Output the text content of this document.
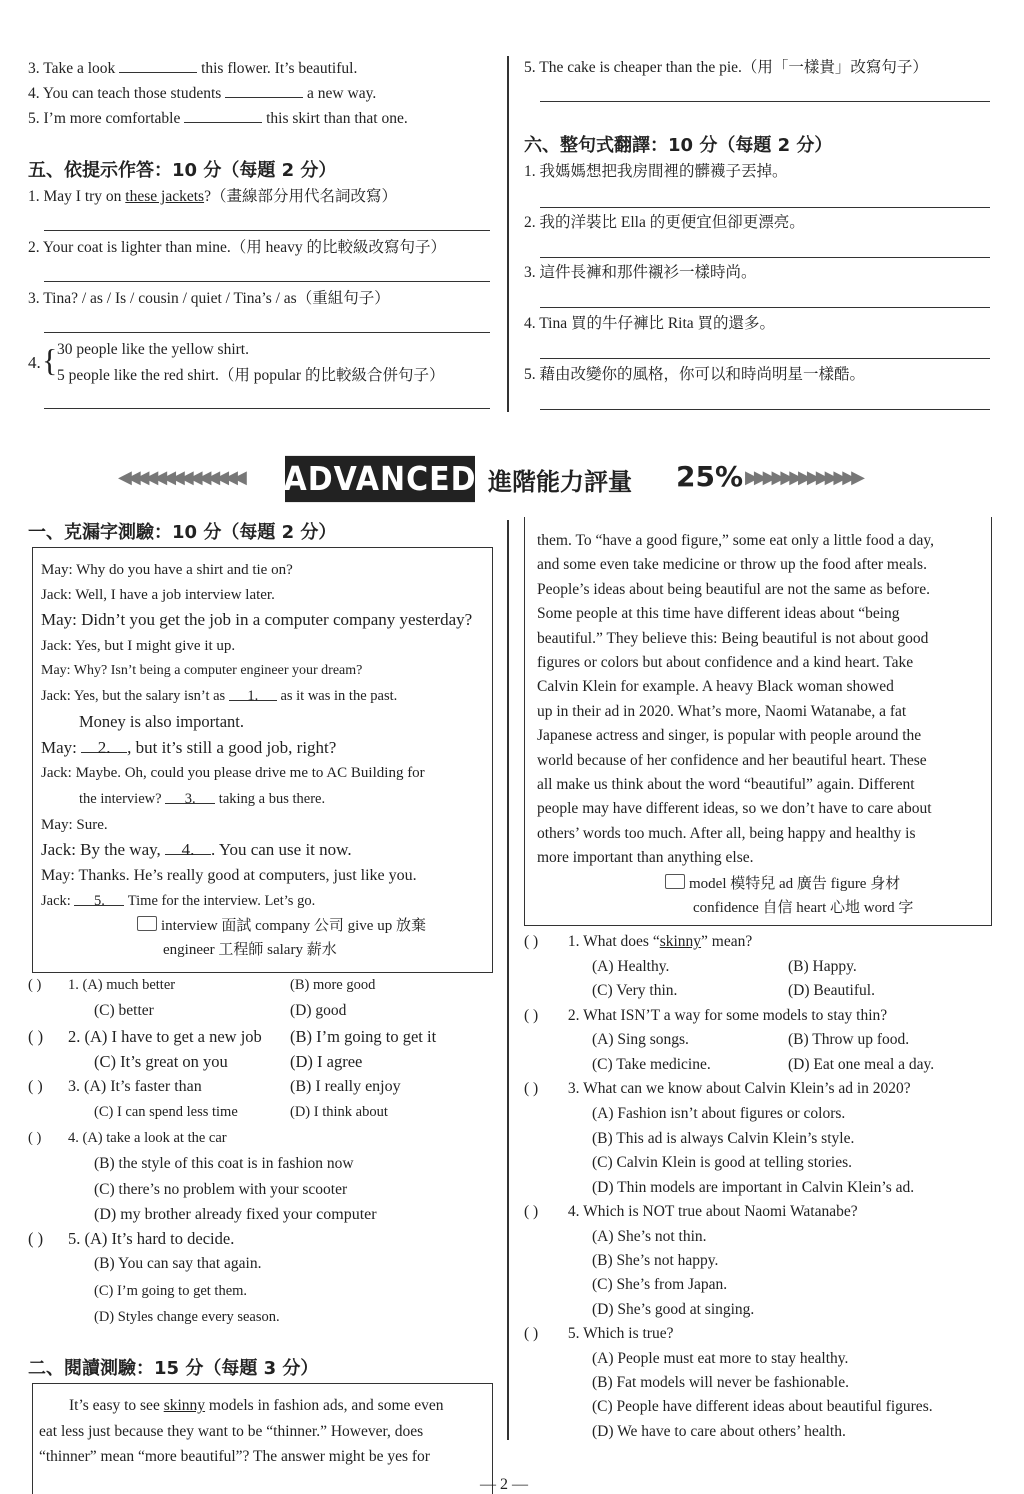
3. Take a look	this flower. It’s beautiful.
4. You can teach those students	a new way.
5. I’m more comfortable	this skirt than that one.
五、依提示作答：10 分（每題 2 分）
1. May I try on these jackets?（畫線部分用代名詞改寫）
2. Your coat is lighter than mine.（用 heavy 的比較級改寫句子）
3. Tina? / as / Is / cousin / quiet / Tina’s / as（重組句子）
4. { 30 people like the yellow shirt.
5 people like the red shirt.（用 popular 的比較級合併句子）
5. The cake is cheaper than the pie.（用「一樣貴」改寫句子）
六、整句式翻譯：10 分（每題 2 分）
1. 我媽媽想把我房間裡的髒襪子丟掉。
2. 我的洋裝比 Ella 的更便宜但卻更漂亮。
3. 這件長褲和那件襯衫一樣時尚。
4. Tina 買的牛仔褲比 Rita 買的還多。
5. 藉由改變你的風格，你可以和時尚明星一樣酷。
◀◀◀◀◀◀◀◀◀◀◀◀◀◀	▶▶▶▶▶▶▶▶▶▶▶▶▶
ADVANCED 進階能力評量 25%
一、克漏字測驗：10 分（每題 2 分）
May: Why do you have a shirt and tie on?
Jack: Well, I have a job interview later.
May: Didn’t you get the job in a computer company yesterday?
Jack: Yes, but I might give it up.
May: Why? Isn’t being a computer engineer your dream?
Jack: Yes, but the salary isn’t as 1. as it was in the past.
Money is also important.
May: 2. , but it’s still a good job, right?
Jack: Maybe. Oh, could you please drive me to AC Building for
the interview? 3. taking a bus there.
May: Sure.
Jack: By the way, 4. . You can use it now.
May: Thanks. He’s really good at computers, just like you.
Jack: 5. Time for the interview. Let’s go.
interview 面試 company 公司 give up 放棄
engineer 工程師 salary 薪水
( ) 1. (A) much better	(B) more good
(C) better	(D) good
( ) 2. (A) I have to get a new job (B) I’m going to get it
(C) It’s great on you	(D) I agree
( ) 3. (A) It’s faster than	(B) I really enjoy
(C) I can spend less time	(D) I think about
( ) 4. (A) take a look at the car
(B) the style of this coat is in fashion now
(C) there’s no problem with your scooter
(D) my brother already fixed your computer
( ) 5. (A) It’s hard to decide.
(B) You can say that again.
(C) I’m going to get them.
(D) Styles change every season.
二、閱讀測驗：15 分（每題 3 分）
It’s easy to see skinny models in fashion ads, and some even
eat less just because they want to be “thinner.” However, does
“thinner” mean “more beautiful”? The answer might be yes for
them. To “have a good figure,” some eat only a little food a day,
and some even take medicine or throw up the food after meals.
People’s ideas about being beautiful are not the same as before.
Some people at this time have different ideas about “being
beautiful.” They believe this: Being beautiful is not about good
figures or colors but about confidence and a kind heart. Take
Calvin Klein for example. A heavy Black woman showed
up in their ad in 2020. What’s more, Naomi Watanabe, a fat
Japanese actress and singer, is popular with people around the
world because of her confidence and her beautiful heart. These
all make us think about the word “beautiful” again. Different
people may have different ideas, so we don’t have to care about
others’ words too much. After all, being happy and healthy is
more important than anything else.
model 模特兒 ad 廣告 figure 身材
confidence 自信 heart 心地 word 字
( ) 1. What does “skinny” mean?
(A) Healthy.	(B) Happy.
(C) Very thin.	(D) Beautiful.
( ) 2. What ISN’T a way for some models to stay thin?
(A) Sing songs.	(B) Throw up food.
(C) Take medicine.	(D) Eat one meal a day.
( ) 3. What can we know about Calvin Klein’s ad in 2020?
(A) Fashion isn’t about figures or colors.
(B) This ad is always Calvin Klein’s style.
(C) Calvin Klein is good at telling stories.
(D) Thin models are important in Calvin Klein’s ad.
( ) 4. Which is NOT true about Naomi Watanabe?
(A) She’s not thin.
(B) She’s not happy.
(C) She’s from Japan.
(D) She’s good at singing.
( ) 5. Which is true?
(A) People must eat more to stay healthy.
(B) Fat models will never be fashionable.
(C) People have different ideas about beautiful figures.
(D) We have to care about others’ health.
— 2 —
